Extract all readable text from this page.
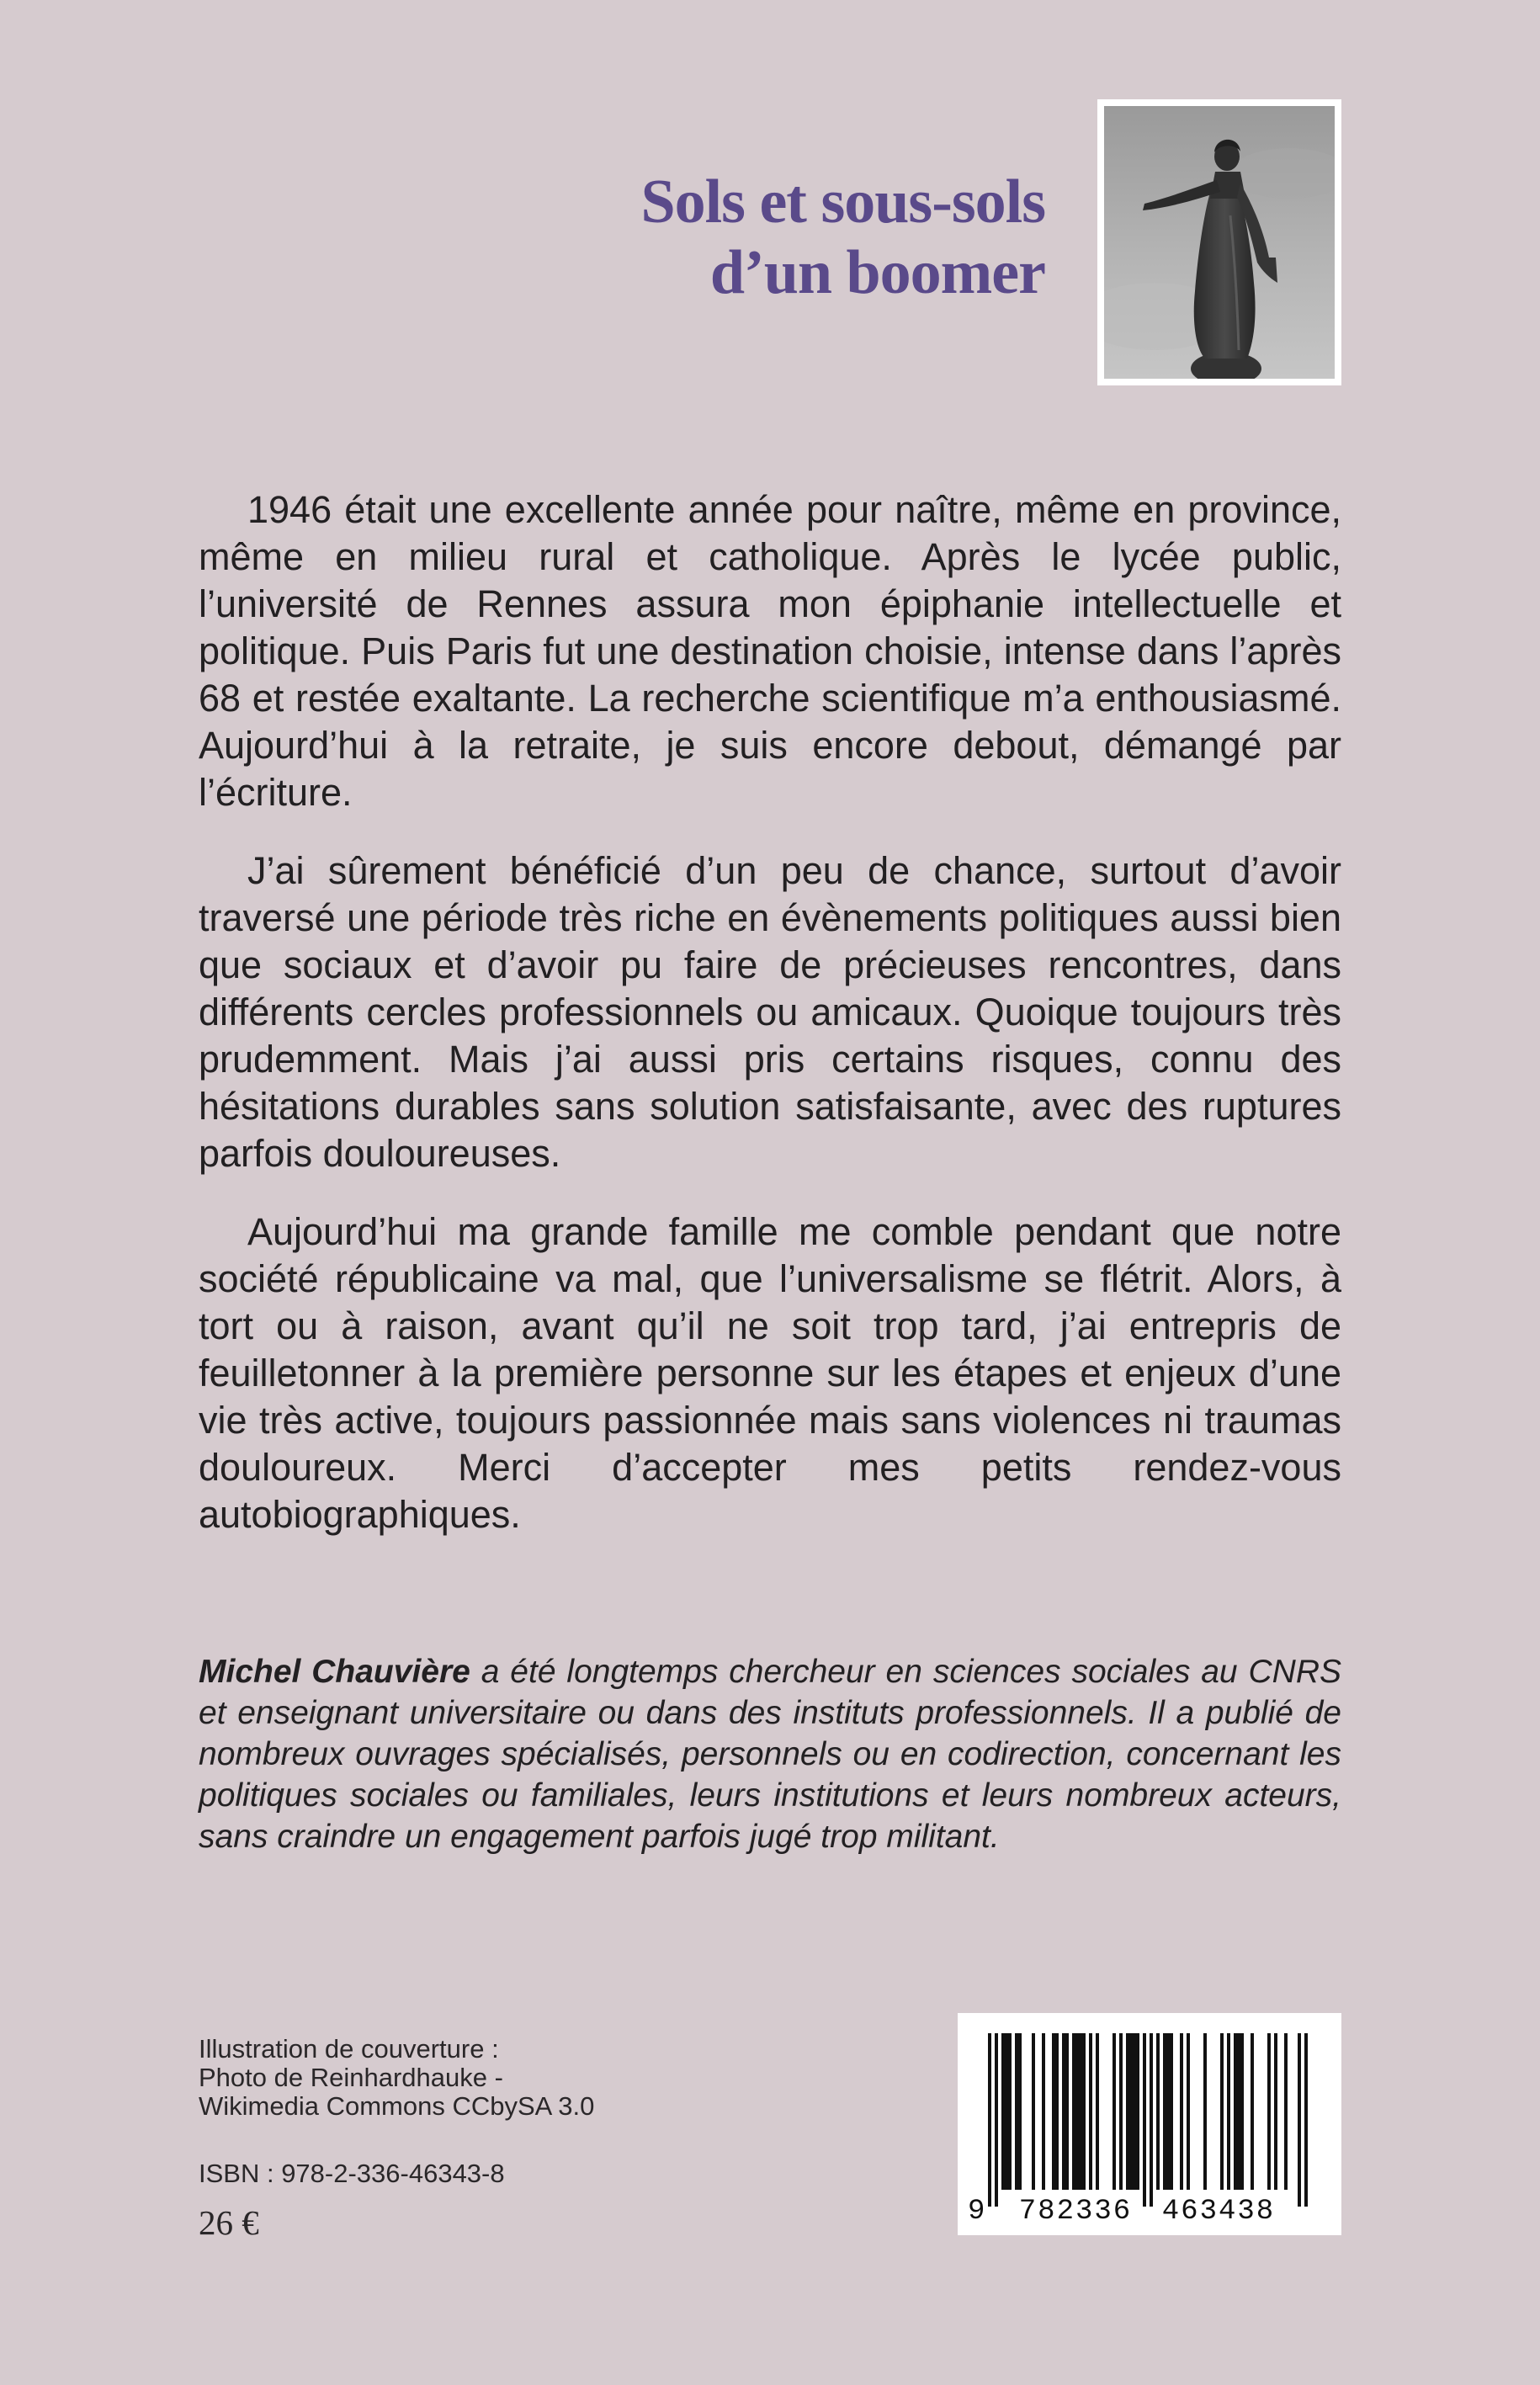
Sols et sous-sols
d’un boomer

1946 était une excellente année pour naître, même en province, même en milieu rural et catholique. Après le lycée public, l’université de Rennes assura mon épiphanie intellectuelle et politique. Puis Paris fut une destination choisie, intense dans l’après 68 et restée exaltante. La recherche scientifique m’a enthousiasmé. Aujourd’hui à la retraite, je suis encore debout, démangé par l’écriture.

J’ai sûrement bénéficié d’un peu de chance, surtout d’avoir traversé une période très riche en évènements politiques aussi bien que sociaux et d’avoir pu faire de précieuses rencontres, dans différents cercles professionnels ou amicaux. Quoique toujours très prudemment. Mais j’ai aussi pris certains risques, connu des hésitations durables sans solution satisfaisante, avec des ruptures parfois douloureuses.

Aujourd’hui ma grande famille me comble pendant que notre société républicaine va mal, que l’universalisme se flétrit. Alors, à tort ou à raison, avant qu’il ne soit trop tard, j’ai entrepris de feuilletonner à la première personne sur les étapes et enjeux d’une vie très active, toujours passionnée mais sans violences ni traumas douloureux. Merci d’accepter mes petits rendez-vous autobiographiques.

Michel Chauvière a été longtemps chercheur en sciences sociales au CNRS et enseignant universitaire ou dans des instituts professionnels. Il a publié de nombreux ouvrages spécialisés, personnels ou en codirection, concernant les politiques sociales ou familiales, leurs institutions et leurs nombreux acteurs, sans craindre un engagement parfois jugé trop militant.

Illustration de couverture :
Photo de Reinhardhauke -
Wikimedia Commons CCbySA 3.0
ISBN : 978-2-336-46343-8
26 €	9 782336 463438
